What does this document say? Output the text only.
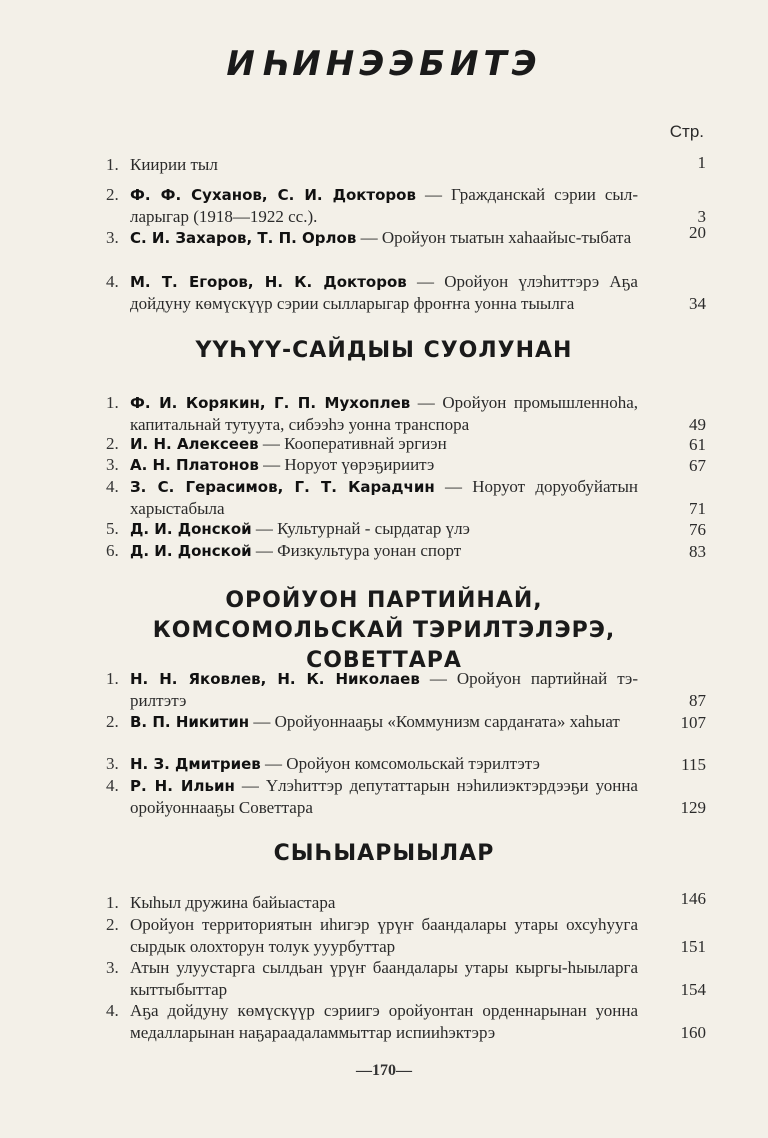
ИҺИНЭЭБИТЭ
Стр.
1. Киирии тыл	1
2. Ф. Ф. Суханов, С. И. Докторов — Гражданскай сэрии сыл-ларыгар (1918—1922 сс.).	3
3. С. И. Захаров, Т. П. Орлов — Оройуон тыатын хаһаайыс-тыбата	20
4. М. Т. Егоров, Н. К. Докторов — Оройуон үлэһиттэрэ Аҕа дойдуну көмүскүүр сэрии сылларыгар фроҥҥа уонна тыылга	34
ҮҮҺҮҮ-САЙДЫЫ СУОЛУНАН
1. Ф. И. Корякин, Г. П. Мухоплев — Оройуон промышленноһа, капитальнай тутуута, сибээһэ уонна транспора	49
2. И. Н. Алексеев — Кооперативнай эргиэн	61
3. А. Н. Платонов — Норуот үөрэҕириитэ	67
4. З. С. Герасимов, Г. Т. Карадчин — Норуот доруобуйатын харыстабыла	71
5. Д. И. Донской — Культурнай - сырдатар үлэ	76
6. Д. И. Донской — Физкультура уонан спорт	83
ОРОЙУОН ПАРТИЙНАЙ, КОМСОМОЛЬСКАЙ ТЭРИЛТЭЛЭРЭ, СОВЕТТАРА
1. Н. Н. Яковлев, Н. К. Николаев — Оройуон партийнай тэ-рилтэтэ	87
2. В. П. Никитин — Оройуоннааҕы «Коммунизм сардаҥата» хаһыат	107
3. Н. З. Дмитриев — Оройуон комсомольскай тэрилтэтэ	115
4. Р. Н. Ильин — Үлэһиттэр депутаттарын нэһилиэктэрдээҕи уонна оройуоннааҕы Советтара	129
СЫҺЫАРЫЫЛАР
1. Кыһыл дружина байыастара	146
2. Оройуон территориятын иһигэр үрүҥ баандалары утары охсуһууга сырдык олохторун толук ууурбуттар	151
3. Атын улуустарга сылдьан үрүҥ баандалары утары кыргы-һыыларга кыттыбыттар	154
4. Аҕа дойдуну көмүскүүр сэриигэ оройуонтан орденнарынан уонна медалларынан наҕараадаламмыттар испииһэктэрэ	160
—170—
